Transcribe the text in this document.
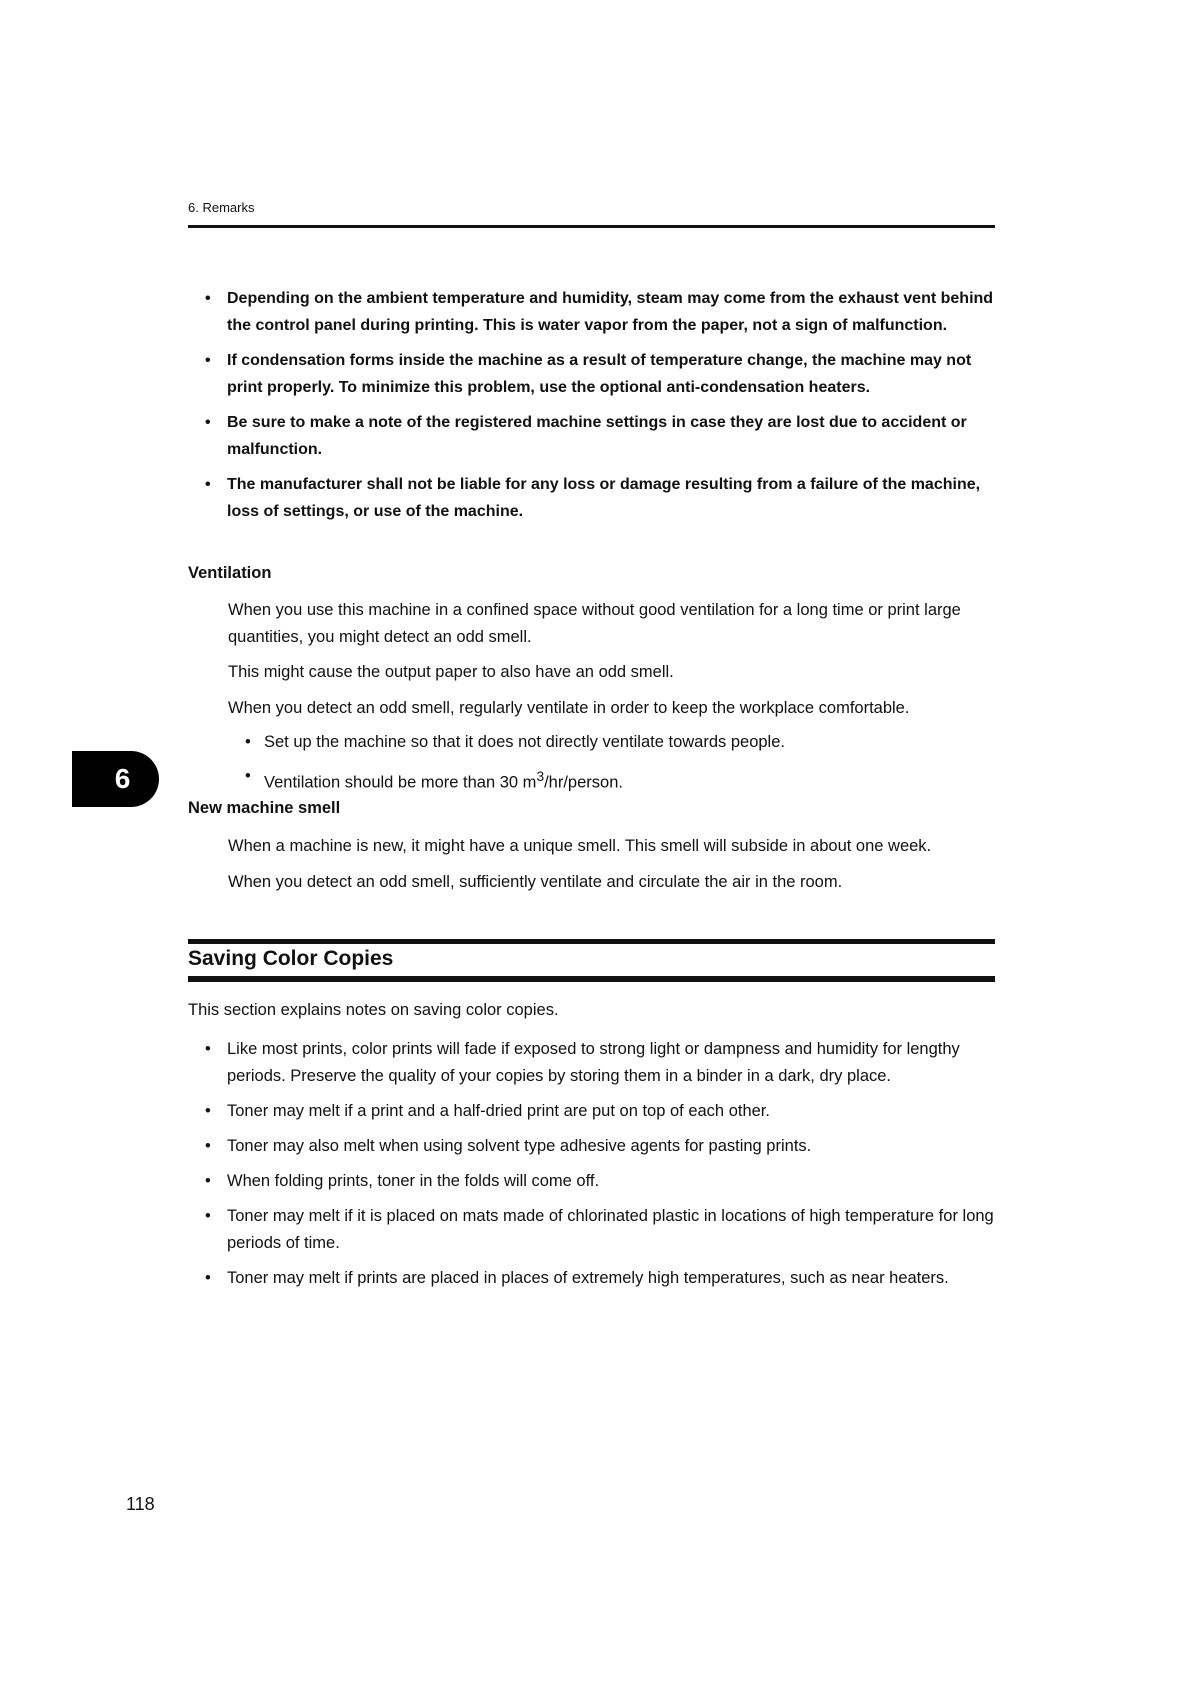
6. Remarks
• Depending on the ambient temperature and humidity, steam may come from the exhaust vent behind the control panel during printing. This is water vapor from the paper, not a sign of malfunction.
• If condensation forms inside the machine as a result of temperature change, the machine may not print properly. To minimize this problem, use the optional anti-condensation heaters.
• Be sure to make a note of the registered machine settings in case they are lost due to accident or malfunction.
• The manufacturer shall not be liable for any loss or damage resulting from a failure of the machine, loss of settings, or use of the machine.
Ventilation

When you use this machine in a confined space without good ventilation for a long time or print large quantities, you might detect an odd smell.

This might cause the output paper to also have an odd smell.

When you detect an odd smell, regularly ventilate in order to keep the workplace comfortable.

• Set up the machine so that it does not directly ventilate towards people.
• Ventilation should be more than 30 $m^3/hr$/person.
6
New machine smell

When a machine is new, it might have a unique smell. This smell will subside in about one week.

When you detect an odd smell, sufficiently ventilate and circulate the air in the room.

Saving Color Copies

This section explains notes on saving color copies.

• Like most prints, color prints will fade if exposed to strong light or dampness and humidity for lengthy periods. Preserve the quality of your copies by storing them in a binder in a dark, dry place.
• Toner may melt if a print and a half-dried print are put on top of each other.
• Toner may also melt when using solvent type adhesive agents for pasting prints.
• When folding prints, toner in the folds will come off.
• Toner may melt if it is placed on mats made of chlorinated plastic in locations of high temperature for long periods of time.
• Toner may melt if prints are placed in places of extremely high temperatures, such as near heaters.
118
